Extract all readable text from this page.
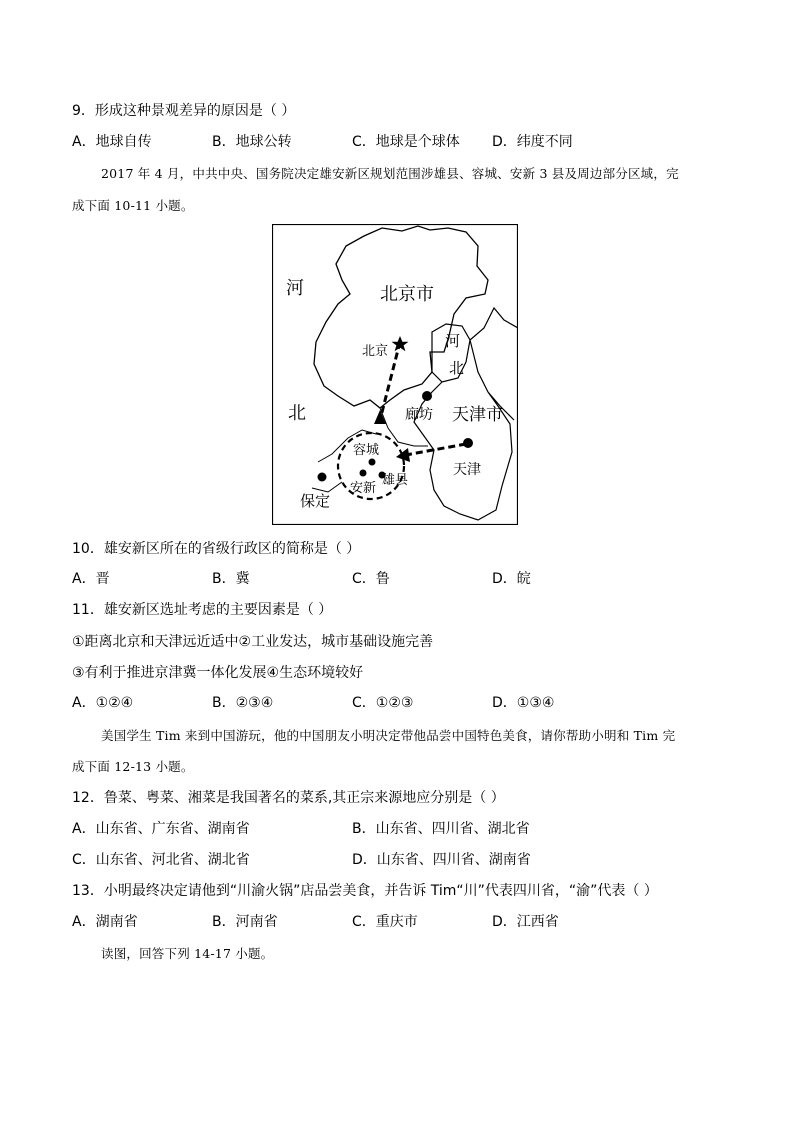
9．形成这种景观差异的原因是（ ）
A．地球自传	B．地球公转	C．地球是个球体 D．纬度不同
2017 年 4 月，中共中央、国务院决定雄安新区规划范围涉雄县、容城、安新 3 县及周边部分区域，完
成下面 10-11 小题。
河
北
北京市
北京
河
北
廊坊 天津市
容城
雄县
安新
天津
保定
10．雄安新区所在的省级行政区的简称是（ ）
A．晋	B．冀	C．鲁	D．皖
11．雄安新区选址考虑的主要因素是（ ）
①距离北京和天津远近适中②工业发达，城市基础设施完善
③有利于推进京津冀一体化发展④生态环境较好
A．①②④	B．②③④	C．①②③	D．①③④
美国学生 Tim 来到中国游玩，他的中国朋友小明决定带他品尝中国特色美食，请你帮助小明和 Tim 完
成下面 12-13 小题。
12．鲁菜、粤菜、湘菜是我国著名的菜系,其正宗来源地应分别是（ ）
A．山东省、广东省、湖南省	B．山东省、四川省、湖北省
C．山东省、河北省、湖北省	D．山东省、四川省、湖南省
13．小明最终决定请他到“川渝火锅”店品尝美食，并告诉 Tim“川”代表四川省，“渝”代表（ ）
A．湖南省	B．河南省	C．重庆市	D．江西省
读图，回答下列 14-17 小题。
